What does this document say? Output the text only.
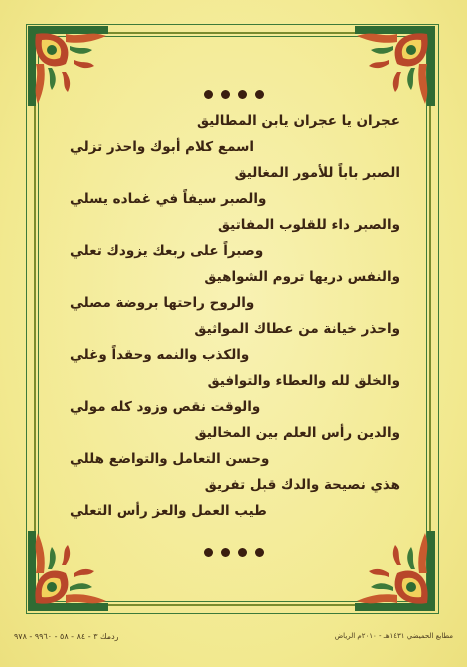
عجران يا عجران يابن المطاليق
اسمع كلام أبوك واحذر تزلي
الصبر باباً للأمور المغاليق
والصبر سيفاً في غماده يسلي
والصبر داء للقلوب المفاتيق
وصبراً على ربعك يزودك تعلي
والنفس دريها تروم الشواهيق
والروح راحتها بروضة مصلي
واحذر خيانة من عطاك المواثيق
والكذب والنمه وحقداً وغلي
والخلق لله والعطاء والتوافيق
والوقت نقص وزود كله مولي
والدين رأس العلم بين المخاليق
وحسن التعامل والتواضع هللي
هذي نصيحة والدك قبل تفريق
طيب العمل والعز رأس التعلي
ردمك ٣ - ٨٤ - ٥٨ - ٩٩٦٠ - ٩٧٨	مطابع الحميضي ١٤٣١هـ - ٢٠١٠م الرياض
